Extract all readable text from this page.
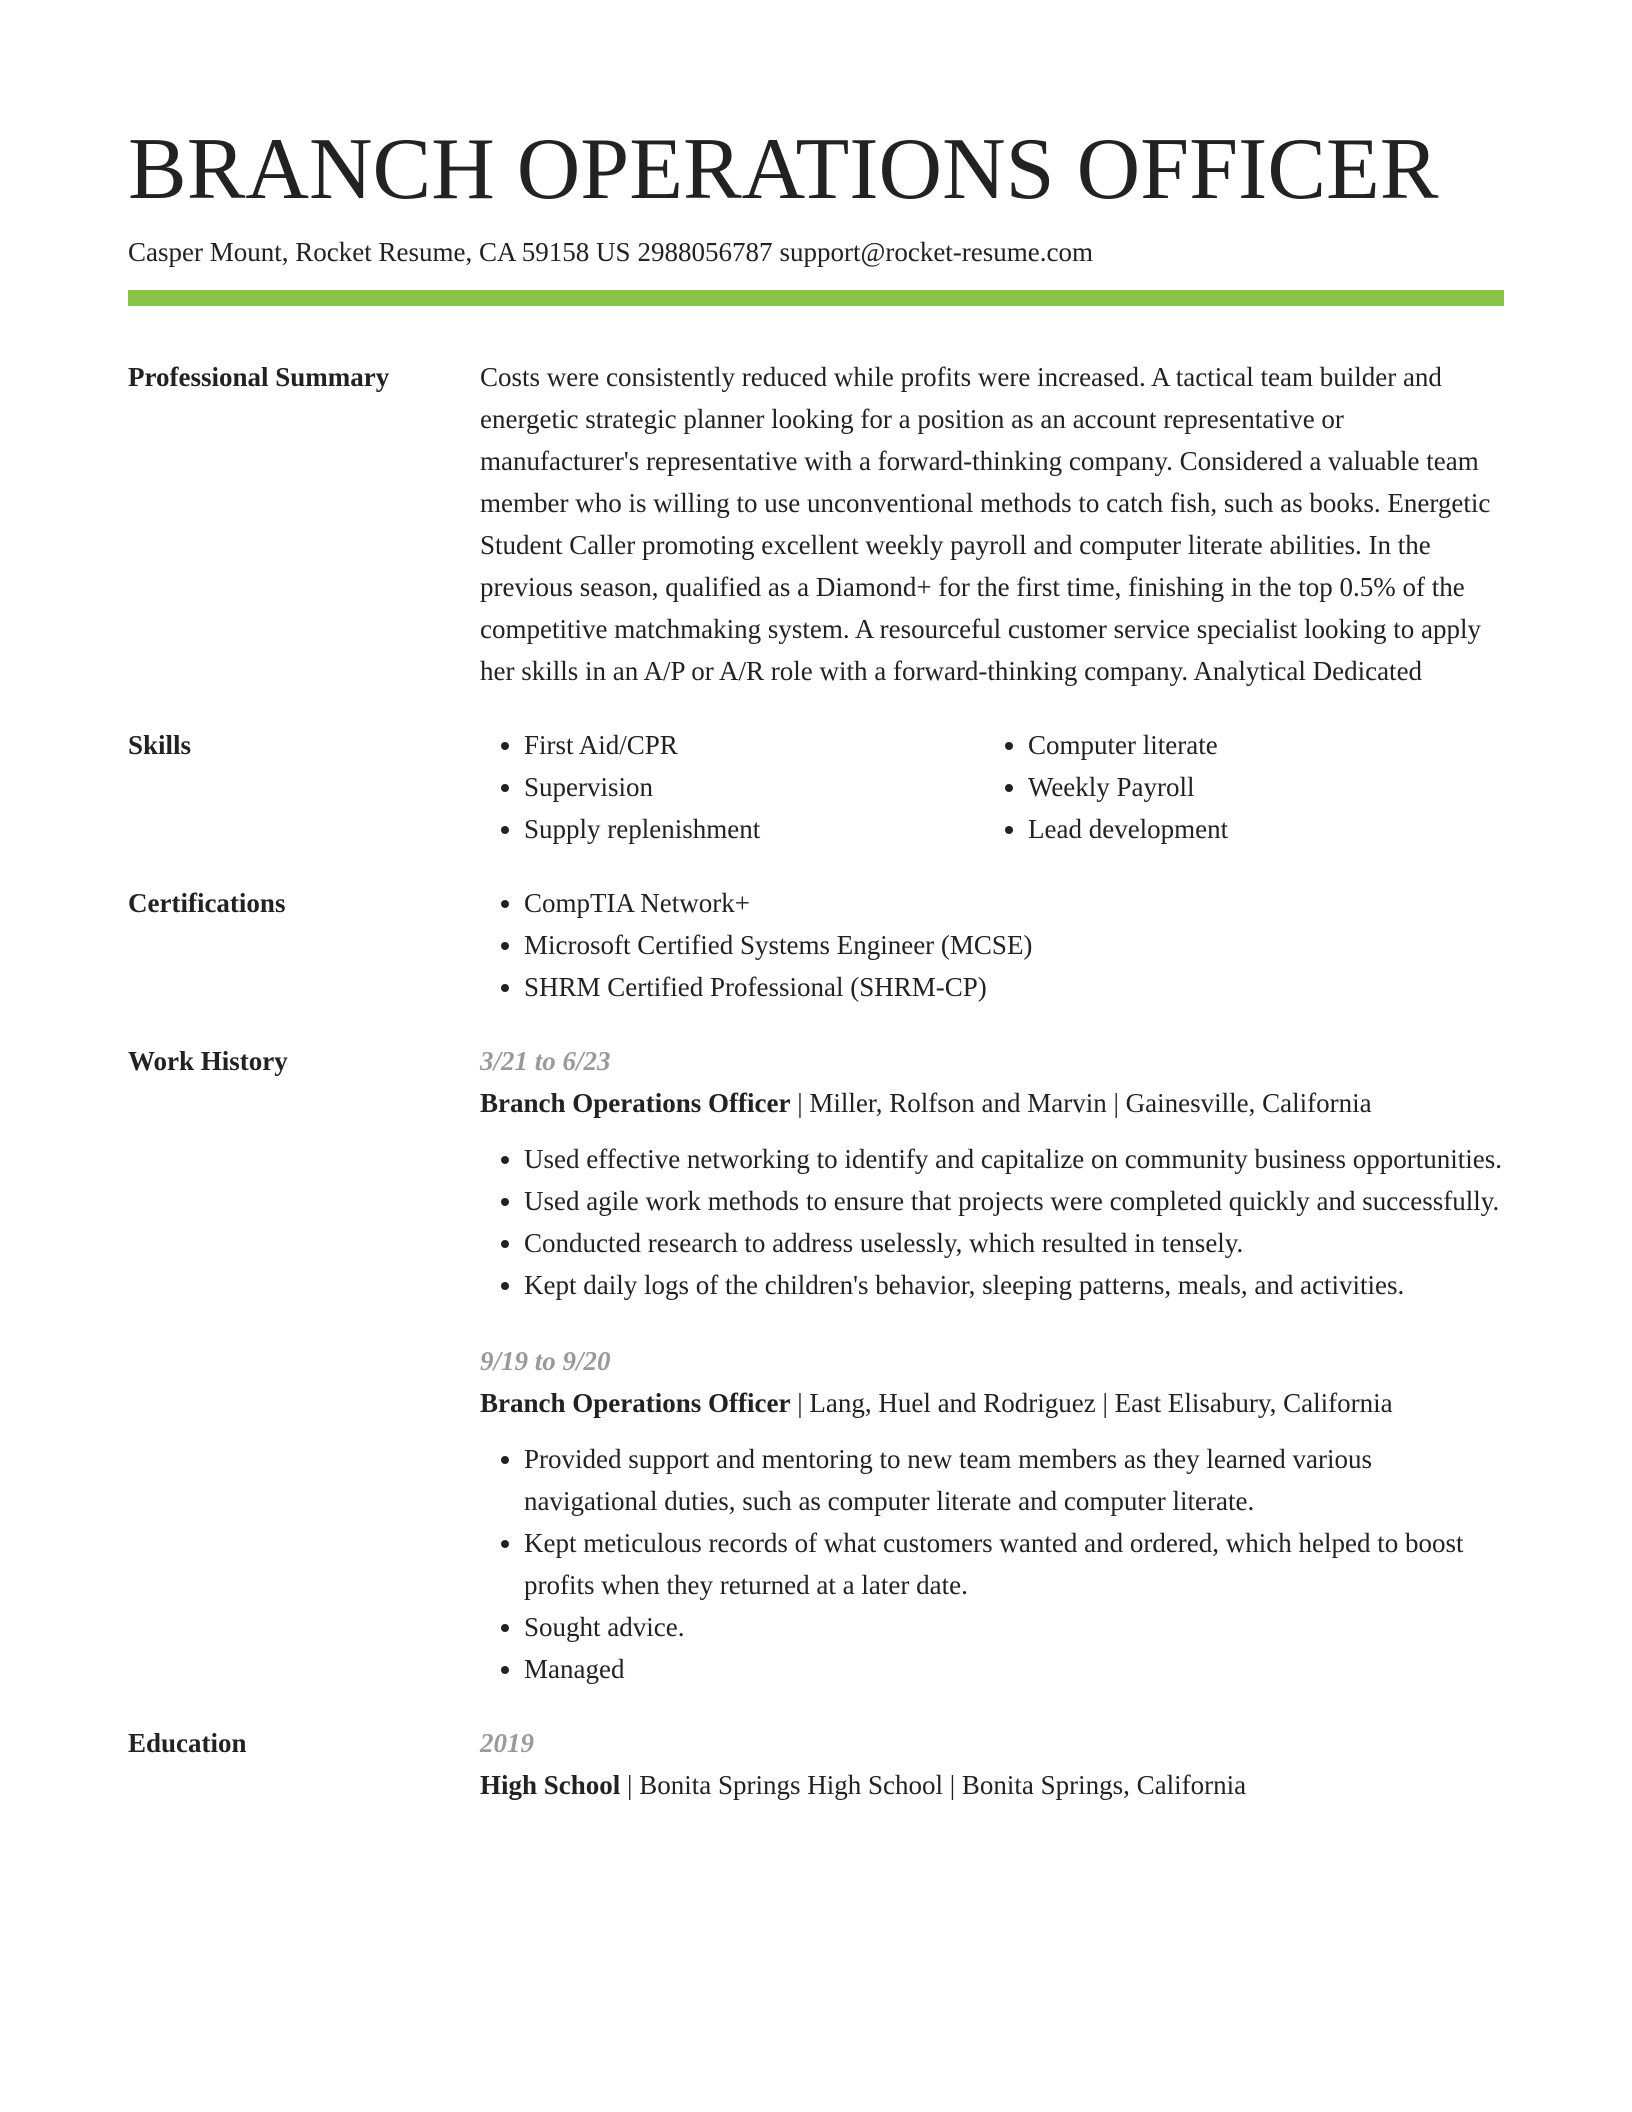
BRANCH OPERATIONS OFFICER
Casper Mount, Rocket Resume, CA 59158 US 2988056787 support@rocket-resume.com
Professional Summary	Costs were consistently reduced while profits were increased. A tactical team builder and energetic strategic planner looking for a position as an account representative or manufacturer's representative with a forward-thinking company. Considered a valuable team member who is willing to use unconventional methods to catch fish, such as books. Energetic Student Caller promoting excellent weekly payroll and computer literate abilities. In the previous season, qualified as a Diamond+ for the first time, finishing in the top 0.5% of the competitive matchmaking system. A resourceful customer service specialist looking to apply her skills in an A/P or A/R role with a forward-thinking company. Analytical Dedicated

Skills	• First Aid/CPR
• Supervision
• Supply replenishment
• Computer literate
• Weekly Payroll
• Lead development
Certifications	• CompTIA Network+
• Microsoft Certified Systems Engineer (MCSE)
• SHRM Certified Professional (SHRM-CP)
Work History	3/21 to 6/23
Branch Operations Officer | Miller, Rolfson and Marvin | Gainesville, California
• Used effective networking to identify and capitalize on community business opportunities.
• Used agile work methods to ensure that projects were completed quickly and successfully.
• Conducted research to address uselessly, which resulted in tensely.
• Kept daily logs of the children's behavior, sleeping patterns, meals, and activities.
9/19 to 9/20
Branch Operations Officer | Lang, Huel and Rodriguez | East Elisabury, California
• Provided support and mentoring to new team members as they learned various navigational duties, such as computer literate and computer literate.
• Kept meticulous records of what customers wanted and ordered, which helped to boost profits when they returned at a later date.
• Sought advice.
• Managed
Education	2019
High School | Bonita Springs High School | Bonita Springs, California
